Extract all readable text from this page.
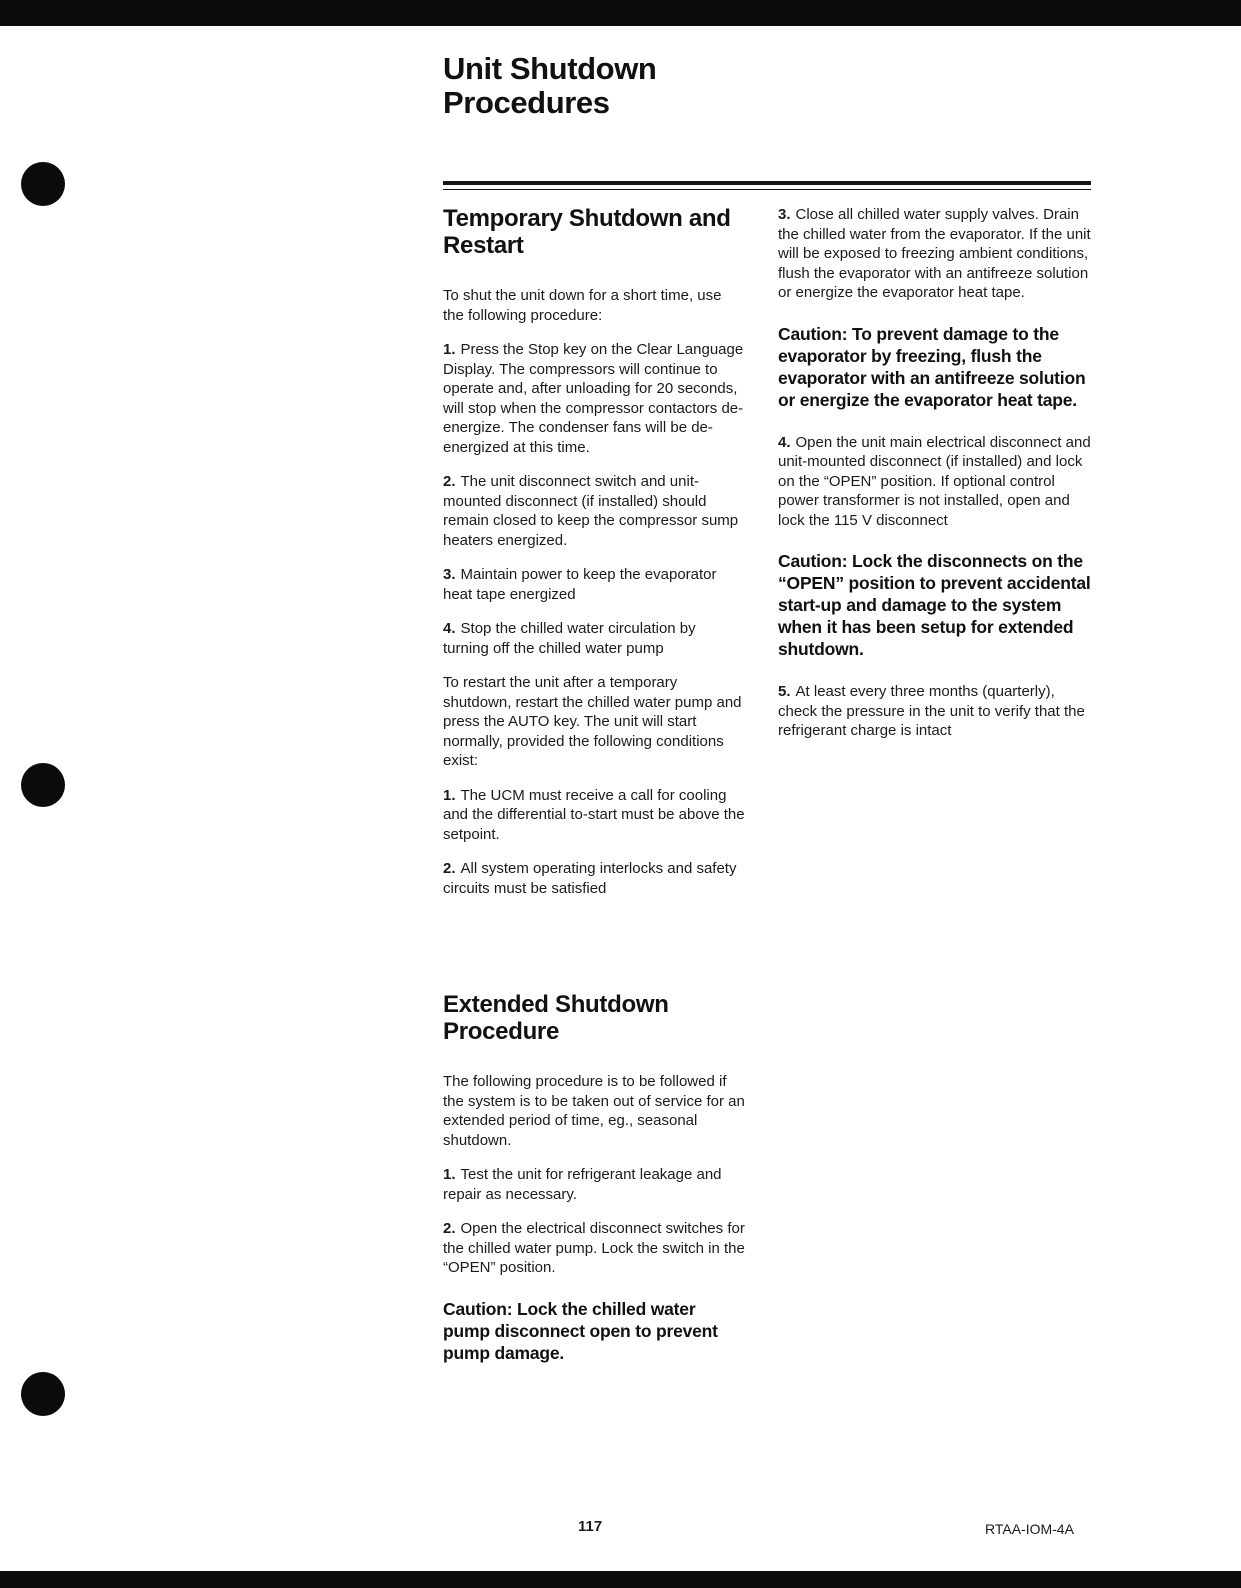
Unit Shutdown Procedures
Temporary Shutdown and Restart

To shut the unit down for a short time, use the following procedure:

1. Press the Stop key on the Clear Language Display. The compressors will continue to operate and, after unloading for 20 seconds, will stop when the compressor contactors de-energize. The condenser fans will be de-energized at this time.

2. The unit disconnect switch and unit-mounted disconnect (if installed) should remain closed to keep the compressor sump heaters energized.

3. Maintain power to keep the evaporator heat tape energized

4. Stop the chilled water circulation by turning off the chilled water pump

To restart the unit after a temporary shutdown, restart the chilled water pump and press the AUTO key. The unit will start normally, provided the following conditions exist:

1. The UCM must receive a call for cooling and the differential to-start must be above the setpoint.

2. All system operating interlocks and safety circuits must be satisfied

Extended Shutdown Procedure

The following procedure is to be followed if the system is to be taken out of service for an extended period of time, eg., seasonal shutdown.

1. Test the unit for refrigerant leakage and repair as necessary.

2. Open the electrical disconnect switches for the chilled water pump. Lock the switch in the “OPEN” position.

Caution: Lock the chilled water pump disconnect open to prevent pump damage.

3. Close all chilled water supply valves. Drain the chilled water from the evaporator. If the unit will be exposed to freezing ambient conditions, flush the evaporator with an antifreeze solution or energize the evaporator heat tape.

Caution: To prevent damage to the evaporator by freezing, flush the evaporator with an antifreeze solution or energize the evaporator heat tape.

4. Open the unit main electrical disconnect and unit-mounted disconnect (if installed) and lock on the “OPEN” position. If optional control power transformer is not installed, open and lock the 115 V disconnect

Caution: Lock the disconnects on the “OPEN” position to prevent accidental start-up and damage to the system when it has been setup for extended shutdown.

5. At least every three months (quarterly), check the pressure in the unit to verify that the refrigerant charge is intact

117	RTAA-IOM-4A
